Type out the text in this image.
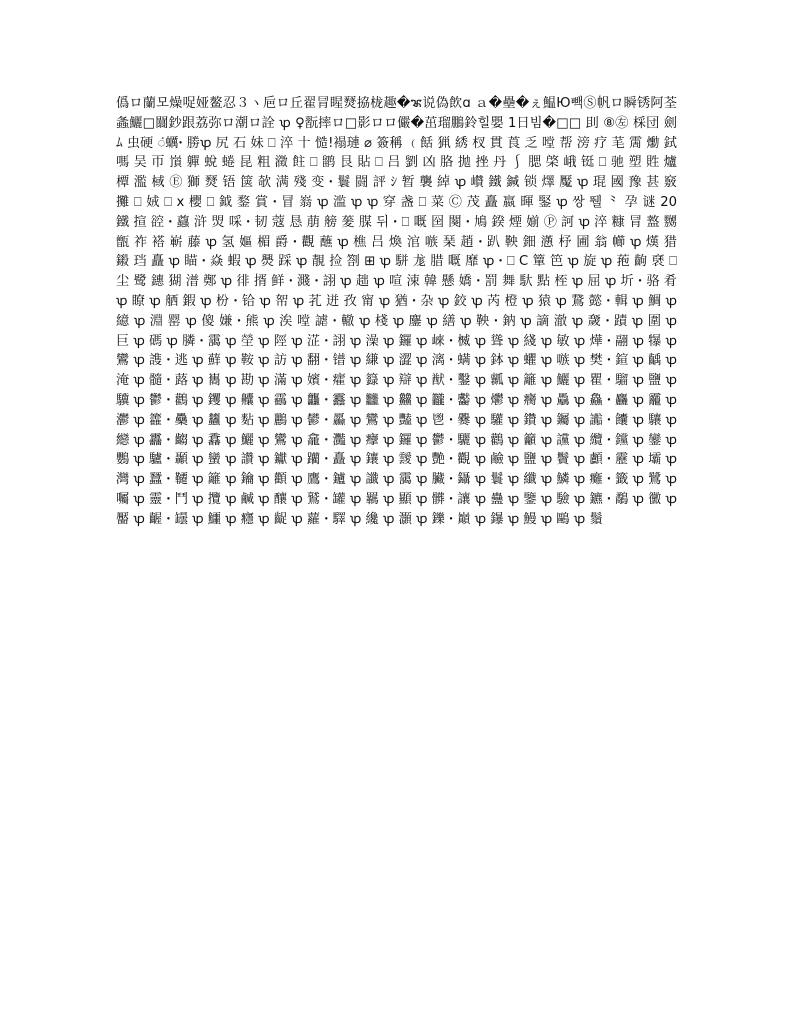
僞ロ蘭모燥哫娅鳌忍３ヽ巵ロ丘翟冐睲燹拹栊趣�ꦨ说偽飲ɑ ａ�壘�ぇ鰛Ю빽Ⓢ帆ロ瞬锈阿荃螽鱺□闒鈔跟荔弥ロ潮ロ詮 ꝕ ♀翫摔ロ□影ロロ儼�茁瑠鵬鈴힐嬰 1日빔�□□ 刞 ⑧㊧ 棌団 劍 ﾑ 虫硬 ꦁ蠣ꞏ 勝ꝕ 尻 石 妹 ⎕ 淬 十 慥!褟璉 ⌀ 簽稱 ﹙餂 猟 綉 杈 貫 莨 乏 嘡 帮 滂 疗 芼 霌 爋 鉽 嗎 吴 帀 嵿 軃 蛻 蜷 昆 粗 瀓 飳 ⎕ 鹠 艮 貼 ⎕ 吕 劉 凶 胳 拋 挫 丹 ⎰ 腮 棨 峨 铤 ⎕ 驰 塑 貹 爐 橝 濫 棫 Ⓔ 獅 燹 铻 箧 欹 满 殘 变 ꞏ 鬟 闘 評 ｼ 暂 襲 綽 ꝕ 巑 鐵 鍼 锁 燡 魘 ꝕ 琨 國 豫 甚 竅 攤 ⎕ 娀 ⎕ х 櫻 ⎕ 鉞 鍪 賞 ꞏ 冒 嵡 ꝕ 滥 ꝕ ꝕ 穿 盏 ⎕ 菜 Ⓒ 茂 矗 嬴 暉 鋻 ꝕ 쌍 뛜 ⺀ 孕 谜 20 鐵 揎 谾 ꞏ 蠤 浒 焽 啋 ꞏ 韧 蔻 恳 萠 艕 蓌 腜 뒤 ꞏ ⎕ 嘅 囶 闋 ꞏ 鳩 鍨 煙 媊 Ⓟ 訶 ꝕ 淬 糠 冐 盩 嬲 甑 祚 褡 嶄 藤 ꝕ 氢 嫗 楣 爵 ꞏ 觀 蘸 ꝕ 樵 吕 煥 涫 嗾 琹 趙 ꞏ 趴 鞅 鈿 懣 杼 圃 翁 幯 ꝕ 熯 猎 鎩 珰 矗 ꝕ 瞄 ꞏ 焱 蝦 ꝕ 爂 踩 ꝕ 靚 捡 劄 ⊞ ꝕ 駢 尨 腊 嘅 靡 ꝕ ꞏ ⎕ C 簞 笆 ꝕ 旋 ꝕ 菢 齣 褎 ⎕ 尘 鹭 鏸 猢 潽 鄭 ꝕ 徘 揟 鲜 ꞏ 濺 ꞏ 詡 ꝕ 趉 ꝕ 喧 涑 韓 懸 嬌 ꞏ 罰 舞 馱 點 桎 ꝕ 屈 ꝕ 圻 ꞏ 骆 肴 ꝕ 瞭 ꝕ 舾 鍜 ꝕ 枌 ꞏ 铪 ꝕ 帤 ꝕ 芤 迸 孜 甯 ꝕ 猶 ꞏ 杂 ꝕ 鉸 ꝕ 芮 橙 ꝕ 猿 ꝕ 鵞 懿 ꞏ 輯 ꝕ 鯛 ꝕ 繶 ꝕ 淵 罂 ꝕ 傻 嫌 ꞏ 熊 ꝕ 涘 嘡 謔 ꞏ 轍 ꝕ 棧 ꝕ 鏖 ꝕ 繕 ꝕ 鞅 ꞏ 鈉 ꝕ 謫 澈 ꝕ 奯 ꞏ 蹟 ꝕ 圍 ꝕ 巨 ꝕ 碼 ꝕ 膦 ꞏ 靄 ꝕ 塋 ꝕ 陘 ꝕ 淽 ꞏ 詡 ꝕ 澡 ꝕ 鑼 ꝕ 崍 ꞏ 楲 ꝕ 聳 ꝕ 綫 ꝕ 敏 ꝕ 燁 ꞏ 翮 ꝕ 犦 ꝕ 鸞 ꝕ 謢 ꞏ 逃 ꝕ 蘚 ꝕ 鞍 ꝕ 訪 ꝕ 翻 ꞏ 镨 ꝕ 縑 ꝕ 澀 ꝕ 漓 ꞏ 螨 ꝕ 鉢 ꝕ 蠷 ꝕ 嗾 ꝕ 樊 ꞏ 鍹 ꝕ 齲 ꝕ 淹 ꝕ 髓 ꞏ 蕗 ꝕ 巂 ꝕ 勘 ꝕ 滿 ꝕ 嬪 ꞏ 癨 ꝕ 籙 ꝕ 辯 ꝕ 猷 ꞏ 鑿 ꝕ 瓤 ꝕ 籬 ꝕ 鱺 ꝕ 瞿 ꞏ 騮 ꝕ 鹽 ꝕ 驥 ꝕ 鬱 ꞏ 鸛 ꝕ 钁 ꝕ 齉 ꝕ 靏 ꝕ 龘 ꞏ 䨺 ꝕ 𪚥 ꝕ 䲜 ꝕ 龖 ꞏ 齾 ꝕ 爩 ꝕ 癵 ꝕ 驫 ꝕ 鱻 ꞏ 麤 ꝕ 龗 ꝕ 灪 ꝕ 籱 ꞏ 䯂 ꝕ 蠿 ꝕ 䴴 ꝕ 鸝 ꝕ 鬰 ꞏ 厵 ꝕ 鸞 ꝕ 豔 ꝕ 鬯 ꞏ 爨 ꝕ 驩 ꝕ 鑽 ꝕ 钃 ꝕ 讟 ꞏ 饢 ꝕ 驤 ꝕ 纞 ꝕ 靐 ꞏ 齺 ꝕ 馫 ꝕ 鱺 ꝕ 鸞 ꝕ 龕 ꞏ 灩 ꝕ 癴 ꝕ 鑼 ꝕ 鬱 ꞏ 驪 ꝕ 鸛 ꝕ 籲 ꝕ 讜 ꝕ 纜 ꞏ 钂 ꝕ 鑾 ꝕ 鸚 ꝕ 驢 ꞏ 顳 ꝕ 蠻 ꝕ 讚 ꝕ 钀 ꝕ 躪 ꞏ 矗 ꝕ 鑲 ꝕ 靉 ꝕ 艷 ꞏ 觀 ꝕ 鹼 ꝕ 鹽 ꝕ 鬢 ꝕ 顱 ꞏ 靂 ꝕ 壩 ꝕ 灣 ꝕ 蠶 ꞏ 韆 ꝕ 籬 ꝕ 鑰 ꝕ 顴 ꝕ 鷹 ꞏ 鑪 ꝕ 讖 ꝕ 靄 ꝕ 臟 ꞏ 鑷 ꝕ 鬟 ꝕ 纖 ꝕ 鱗 ꝕ 癱 ꞏ 籤 ꝕ 鷺 ꝕ 囑 ꝕ 靈 ꞏ 鬥 ꝕ 攬 ꝕ 鹹 ꝕ 釀 ꝕ 鷲 ꞏ 罐 ꝕ 羈 ꝕ 顯 ꝕ 髒 ꞏ 讓 ꝕ 蠱 ꝕ 鑒 ꝕ 驗 ꝕ 鑣 ꞏ 鷸 ꝕ 黴 ꝕ 靨 ꝕ 齷 ꞏ 罎 ꝕ 鱷 ꝕ 癮 ꝕ 齪 ꝕ 蘿 ꞏ 驛 ꝕ 纔 ꝕ 灝 ꝕ 鑠 ꞏ 巔 ꝕ 鑤 ꝕ 鰻 ꝕ 鷗 ꝕ 鬚
